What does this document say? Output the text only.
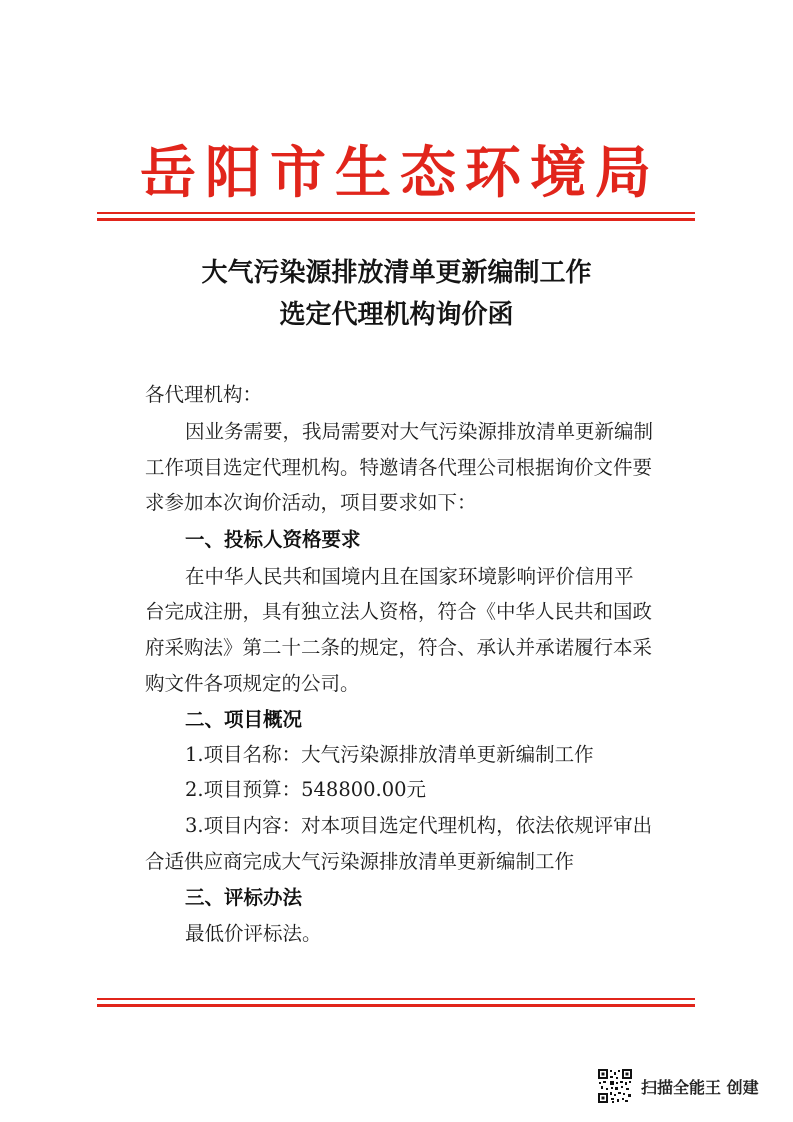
岳阳市生态环境局
大气污染源排放清单更新编制工作
选定代理机构询价函
各代理机构：
因业务需要，我局需要对大气污染源排放清单更新编制
工作项目选定代理机构。特邀请各代理公司根据询价文件要
求参加本次询价活动，项目要求如下：
一、投标人资格要求
在中华人民共和国境内且在国家环境影响评价信用平
台完成注册，具有独立法人资格，符合《中华人民共和国政
府采购法》第二十二条的规定，符合、承认并承诺履行本采
购文件各项规定的公司。
二、项目概况
1.项目名称：大气污染源排放清单更新编制工作
2.项目预算：548800.00元
3.项目内容：对本项目选定代理机构，依法依规评审出
合适供应商完成大气污染源排放清单更新编制工作
三、评标办法
最低价评标法。
扫描全能王 创建
